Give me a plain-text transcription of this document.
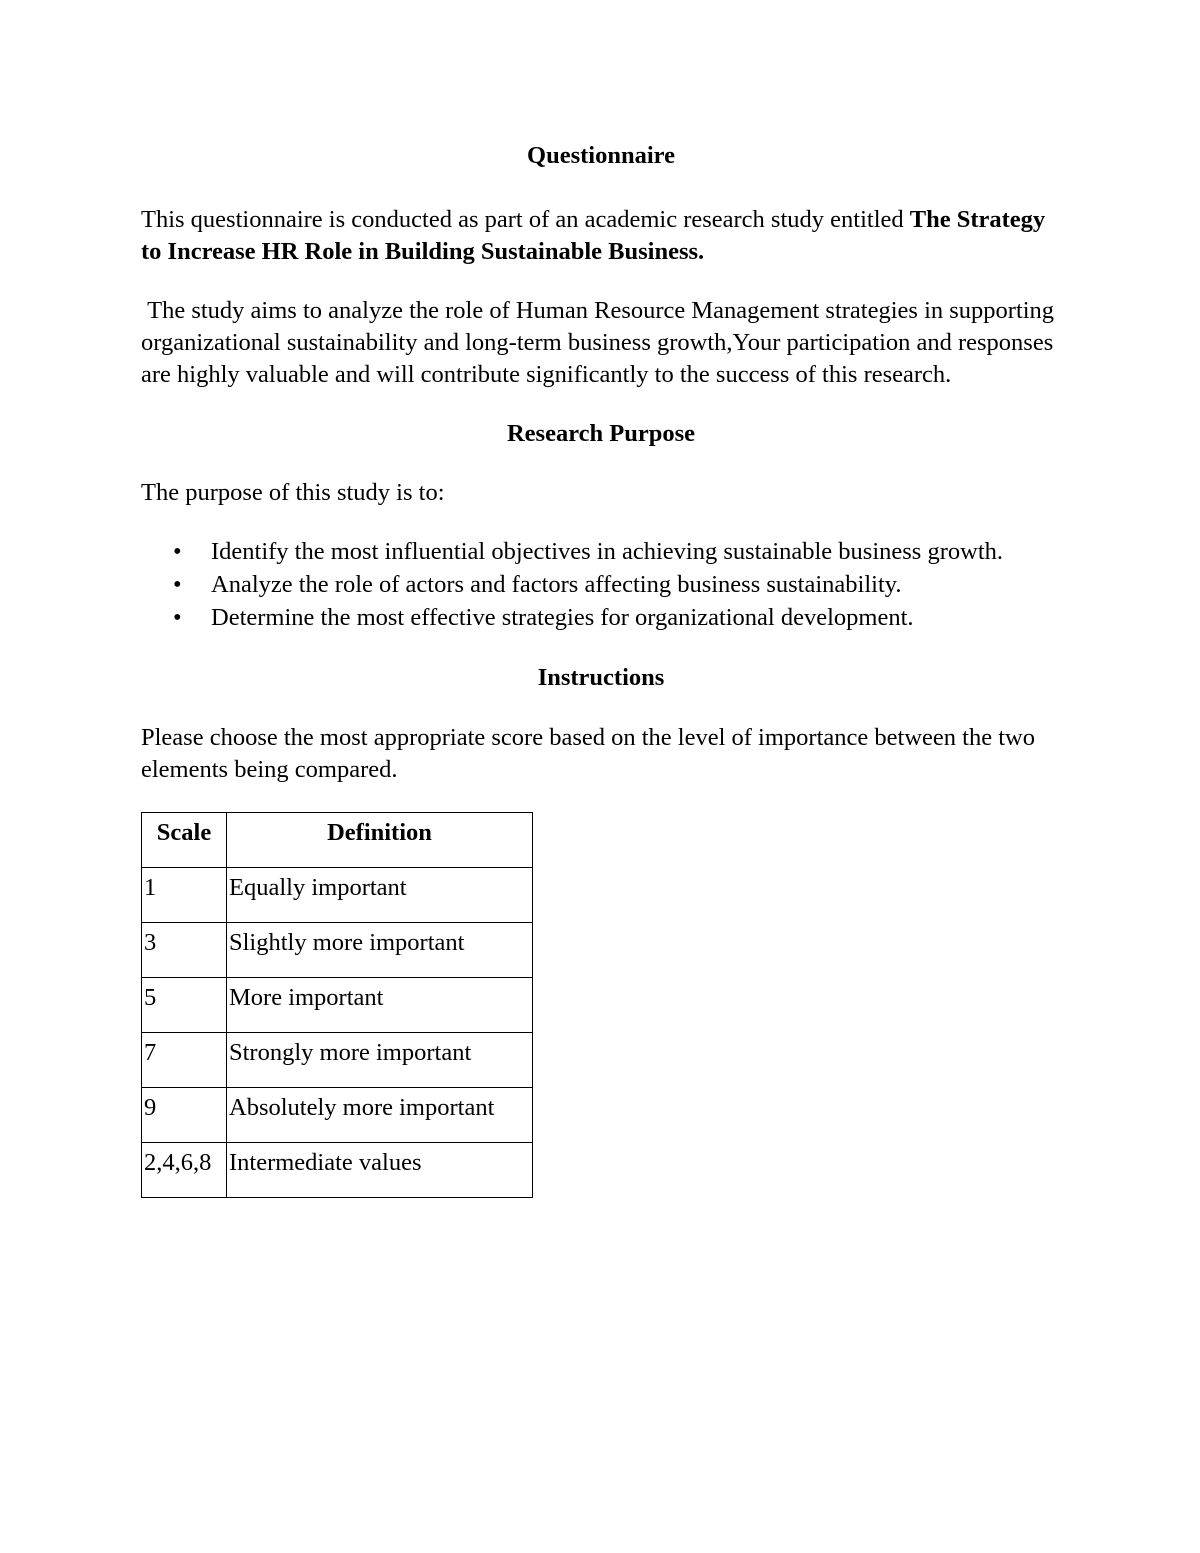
Questionnaire

This questionnaire is conducted as part of an academic research study entitled The Strategy to Increase HR Role in Building Sustainable Business.

The study aims to analyze the role of Human Resource Management strategies in supporting organizational sustainability and long-term business growth,Your participation and responses are highly valuable and will contribute significantly to the success of this research.

Research Purpose

The purpose of this study is to:

• Identify the most influential objectives in achieving sustainable business growth.
• Analyze the role of actors and factors affecting business sustainability.
• Determine the most effective strategies for organizational development.
Instructions

Please choose the most appropriate score based on the level of importance between the two elements being compared.

Scale	Definition
1	Equally important
3	Slightly more important
5	More important
7	Strongly more important
9	Absolutely more important
2,4,6,8	Intermediate values
